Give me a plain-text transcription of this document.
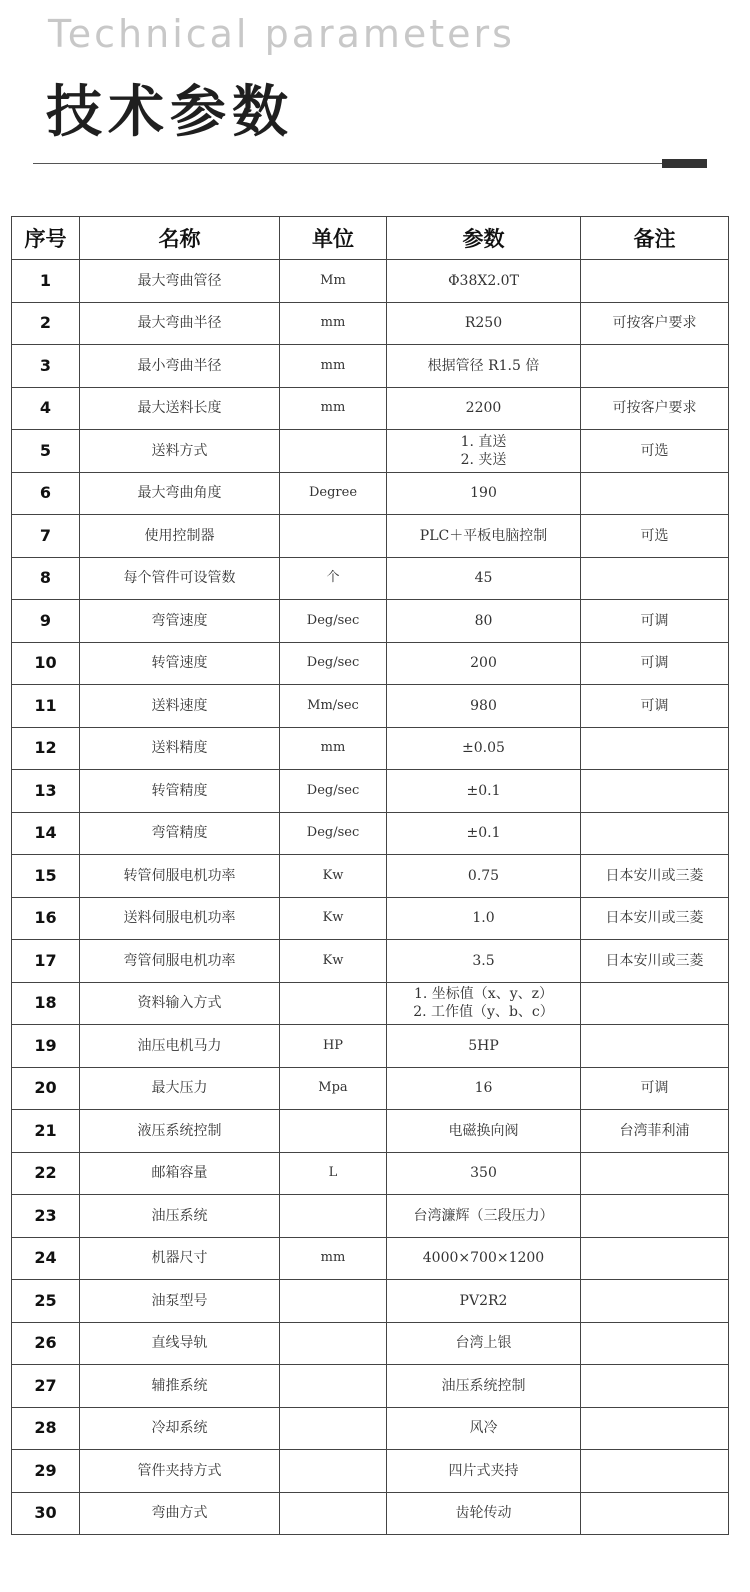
Technical parameters
技术参数
序号	名称	单位	参数	备注
1	最大弯曲管径	Mm	Φ38X2.0T	

2	最大弯曲半径	mm	R250	可按客户要求
3	最小弯曲半径	mm	根据管径 R1.5 倍	

4	最大送料长度	mm	2200	可按客户要求
5	送料方式		1. 直送
2. 夹送	可选
6	最大弯曲角度	Degree	190	

7	使用控制器		PLC＋平板电脑控制	可选
8	每个管件可设管数	个	45	

9	弯管速度	Deg/sec	80	可调
10	转管速度	Deg/sec	200	可调
11	送料速度	Mm/sec	980	可调
12	送料精度	mm	±0.05	

13	转管精度	Deg/sec	±0.1	

14	弯管精度	Deg/sec	±0.1	

15	转管伺服电机功率	Kw	0.75	日本安川或三菱
16	送料伺服电机功率	Kw	1.0	日本安川或三菱
17	弯管伺服电机功率	Kw	3.5	日本安川或三菱
18	资料输入方式		1. 坐标值（x、y、z）
2. 工作值（y、b、c）	

19	油压电机马力	HP	5HP	

20	最大压力	Mpa	16	可调
21	液压系统控制		电磁换向阀	台湾菲利浦
22	邮箱容量	L	350	

23	油压系统		台湾濂辉（三段压力）	

24	机器尺寸	mm	4000×700×1200	

25	油泵型号		PV2R2	

26	直线导轨		台湾上银	

27	辅推系统		油压系统控制	

28	冷却系统		风冷	

29	管件夹持方式		四片式夹持	

30	弯曲方式		齿轮传动	
